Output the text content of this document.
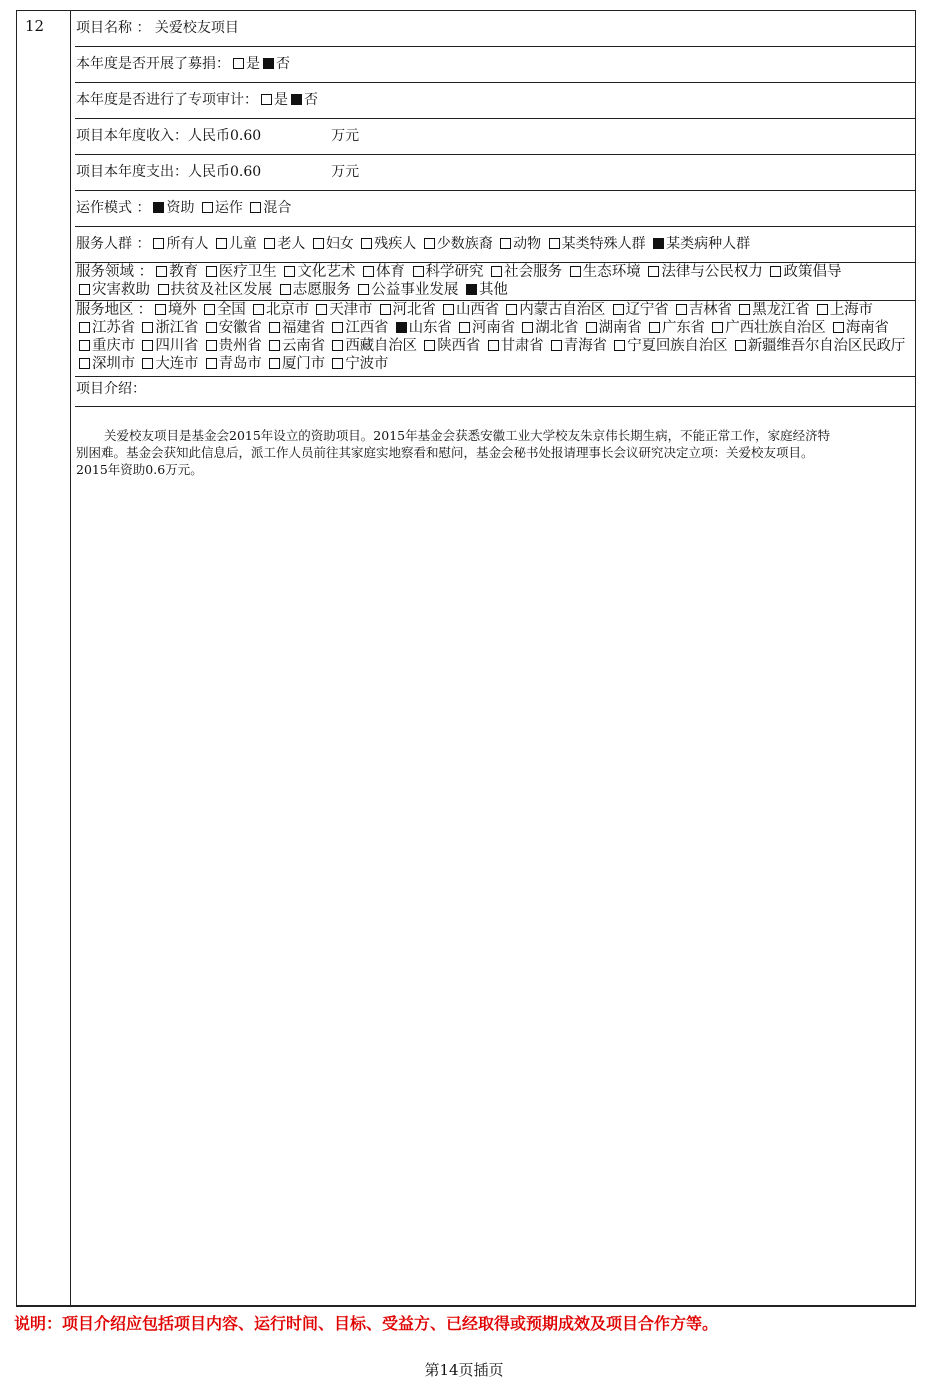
12 项目名称 ： 关爱校友项目
本年度是否开展了募捐： 是 否
本年度是否进行了专项审计： 是 否
项目本年度收入：人民币0.60	万元
项目本年度支出：人民币0.60	万元
运作模式 ： 资助 运作 混合
服务人群 ： 所有人 儿童 老人 妇女 残疾人 少数族裔 动物 某类特殊人群 某类病种人群
服务领域 ： 教育 医疗卫生 文化艺术 体育 科学研究 社会服务 生态环境 法律与公民权力 政策倡导 灾害救助 扶贫及社区发展 志愿服务 公益事业发展 其他
服务地区 ： 境外 全国 北京市 天津市 河北省 山西省 内蒙古自治区 辽宁省 吉林省 黑龙江省 上海市 江苏省 浙江省 安徽省 福建省 江西省 山东省 河南省 湖北省 湖南省 广东省 广西壮族自治区 海南省 重庆市 四川省 贵州省 云南省 西藏自治区 陕西省 甘肃省 青海省 宁夏回族自治区 新疆维吾尔自治区民政厅 深圳市 大连市 青岛市 厦门市 宁波市
项目介绍：
关爱校友项目是基金会2015年设立的资助项目。2015年基金会获悉安徽工业大学校友朱京伟长期生病，不能正常工作，家庭经济特别困难。基金会获知此信息后，派工作人员前往其家庭实地察看和慰问，基金会秘书处报请理事长会议研究决定立项：关爱校友项目。2015年资助0.6万元。
说明：项目介绍应包括项目内容、运行时间、目标、受益方、已经取得或预期成效及项目合作方等。
第14页插页
